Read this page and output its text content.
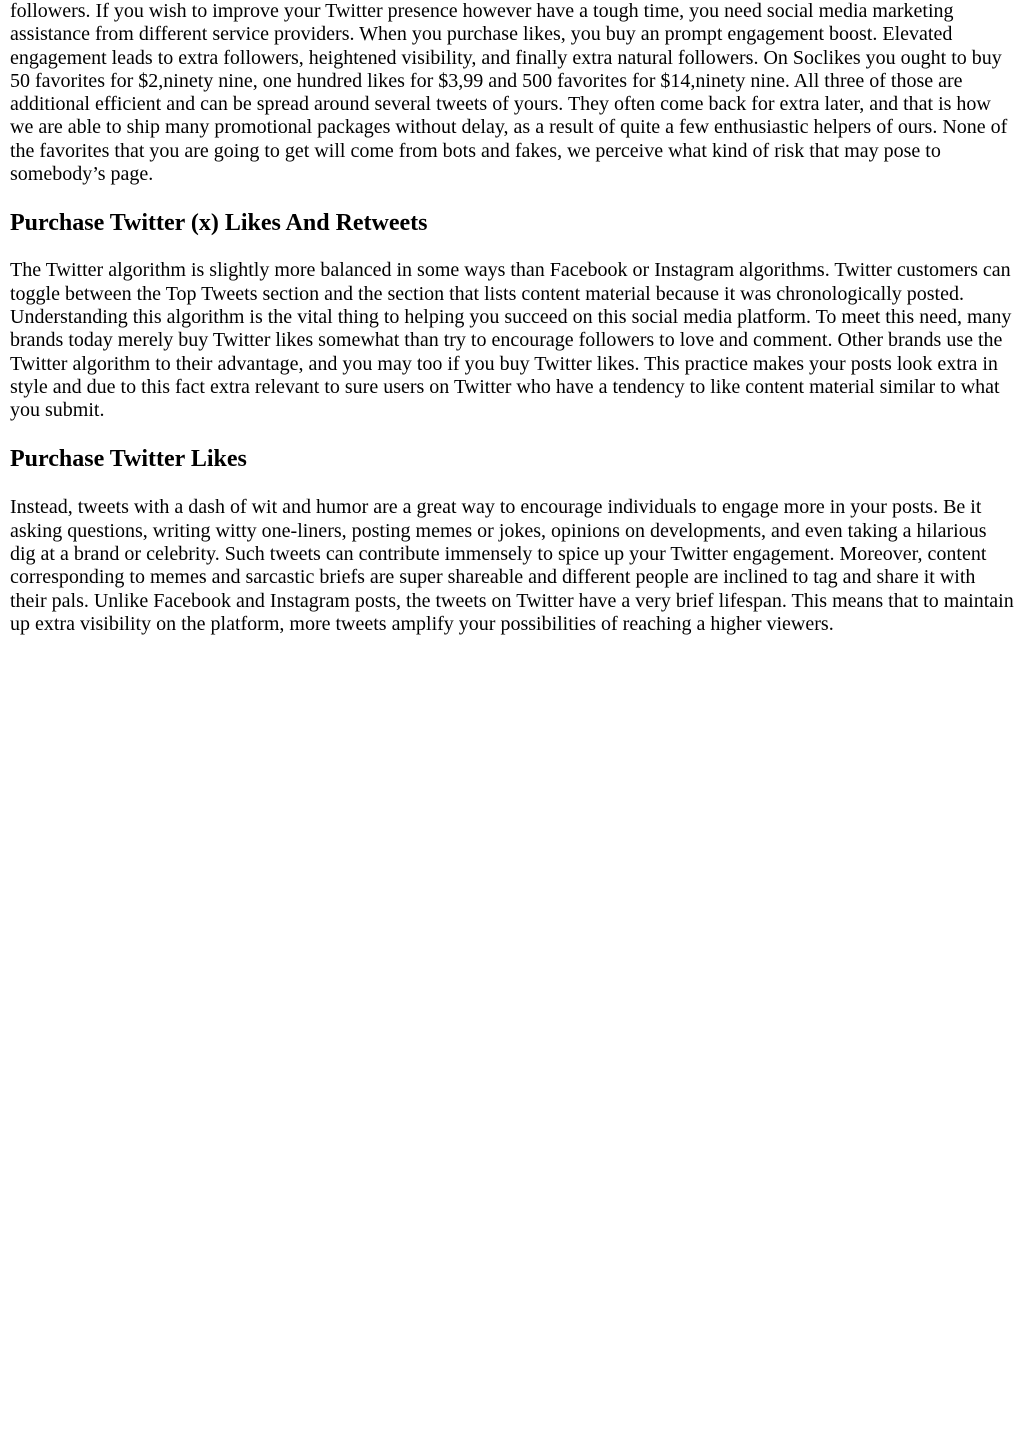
followers. If you wish to improve your Twitter presence however have a tough time, you need social media marketing assistance from different service providers. When you purchase likes, you buy an prompt engagement boost. Elevated engagement leads to extra followers, heightened visibility, and finally extra natural followers. On Soclikes you ought to buy 50 favorites for $2,ninety nine, one hundred likes for $3,99 and 500 favorites for $14,ninety nine. All three of those are additional efficient and can be spread around several tweets of yours. They often come back for extra later, and that is how we are able to ship many promotional packages without delay, as a result of quite a few enthusiastic helpers of ours. None of the favorites that you are going to get will come from bots and fakes, we perceive what kind of risk that may pose to somebody’s page.

Purchase Twitter (x) Likes And Retweets

The Twitter algorithm is slightly more balanced in some ways than Facebook or Instagram algorithms. Twitter customers can toggle between the Top Tweets section and the section that lists content material because it was chronologically posted. Understanding this algorithm is the vital thing to helping you succeed on this social media platform. To meet this need, many brands today merely buy Twitter likes somewhat than try to encourage followers to love and comment. Other brands use the Twitter algorithm to their advantage, and you may too if you buy Twitter likes. This practice makes your posts look extra in style and due to this fact extra relevant to sure users on Twitter who have a tendency to like content material similar to what you submit.

Purchase Twitter Likes

Instead, tweets with a dash of wit and humor are a great way to encourage individuals to engage more in your posts. Be it asking questions, writing witty one-liners, posting memes or jokes, opinions on developments, and even taking a hilarious dig at a brand or celebrity. Such tweets can contribute immensely to spice up your Twitter engagement. Moreover, content corresponding to memes and sarcastic briefs are super shareable and different people are inclined to tag and share it with their pals. Unlike Facebook and Instagram posts, the tweets on Twitter have a very brief lifespan. This means that to maintain up extra visibility on the platform, more tweets amplify your possibilities of reaching a higher viewers.
